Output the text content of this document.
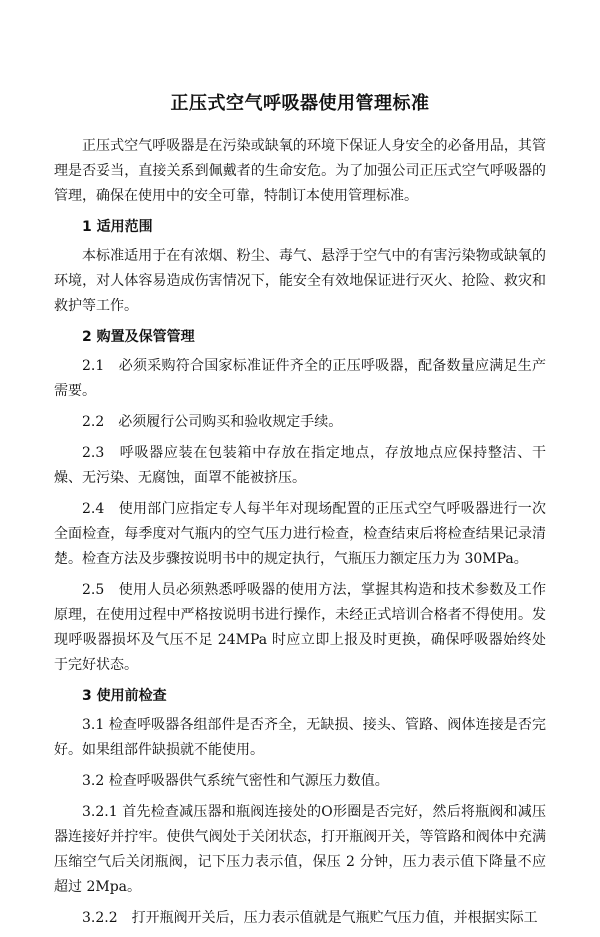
正压式空气呼吸器使用管理标准

正压式空气呼吸器是在污染或缺氧的环境下保证人身安全的必备用品，其管理是否妥当，直接关系到佩戴者的生命安危。为了加强公司正压式空气呼吸器的管理，确保在使用中的安全可靠，特制订本使用管理标准。

1 适用范围

本标准适用于在有浓烟、粉尘、毒气、悬浮于空气中的有害污染物或缺氧的环境，对人体容易造成伤害情况下，能安全有效地保证进行灭火、抢险、救灾和救护等工作。

2 购置及保管管理

2.1　必须采购符合国家标准证件齐全的正压呼吸器，配备数量应满足生产需要。

2.2　必须履行公司购买和验收规定手续。

2.3　呼吸器应装在包装箱中存放在指定地点，存放地点应保持整洁、干燥、无污染、无腐蚀，面罩不能被挤压。

2.4　使用部门应指定专人每半年对现场配置的正压式空气呼吸器进行一次全面检查，每季度对气瓶内的空气压力进行检查，检查结束后将检查结果记录清楚。检查方法及步骤按说明书中的规定执行，气瓶压力额定压力为 30MPa。

2.5　使用人员必须熟悉呼吸器的使用方法，掌握其构造和技术参数及工作原理，在使用过程中严格按说明书进行操作，未经正式培训合格者不得使用。发现呼吸器损坏及气压不足 24MPa 时应立即上报及时更换，确保呼吸器始终处于完好状态。

3 使用前检查

3.1 检查呼吸器各组部件是否齐全，无缺损、接头、管路、阀体连接是否完好。如果组部件缺损就不能使用。

3.2 检查呼吸器供气系统气密性和气源压力数值。

3.2.1 首先检查减压器和瓶阀连接处的O形圈是否完好，然后将瓶阀和减压器连接好并拧牢。使供气阀处于关闭状态，打开瓶阀开关，等管路和阀体中充满压缩空气后关闭瓶阀，记下压力表示值，保压 2 分钟，压力表示值下降量不应超过 2Mpa。

3.2.2　打开瓶阀开关后，压力表示值就是气瓶贮气压力值，并根据实际工
